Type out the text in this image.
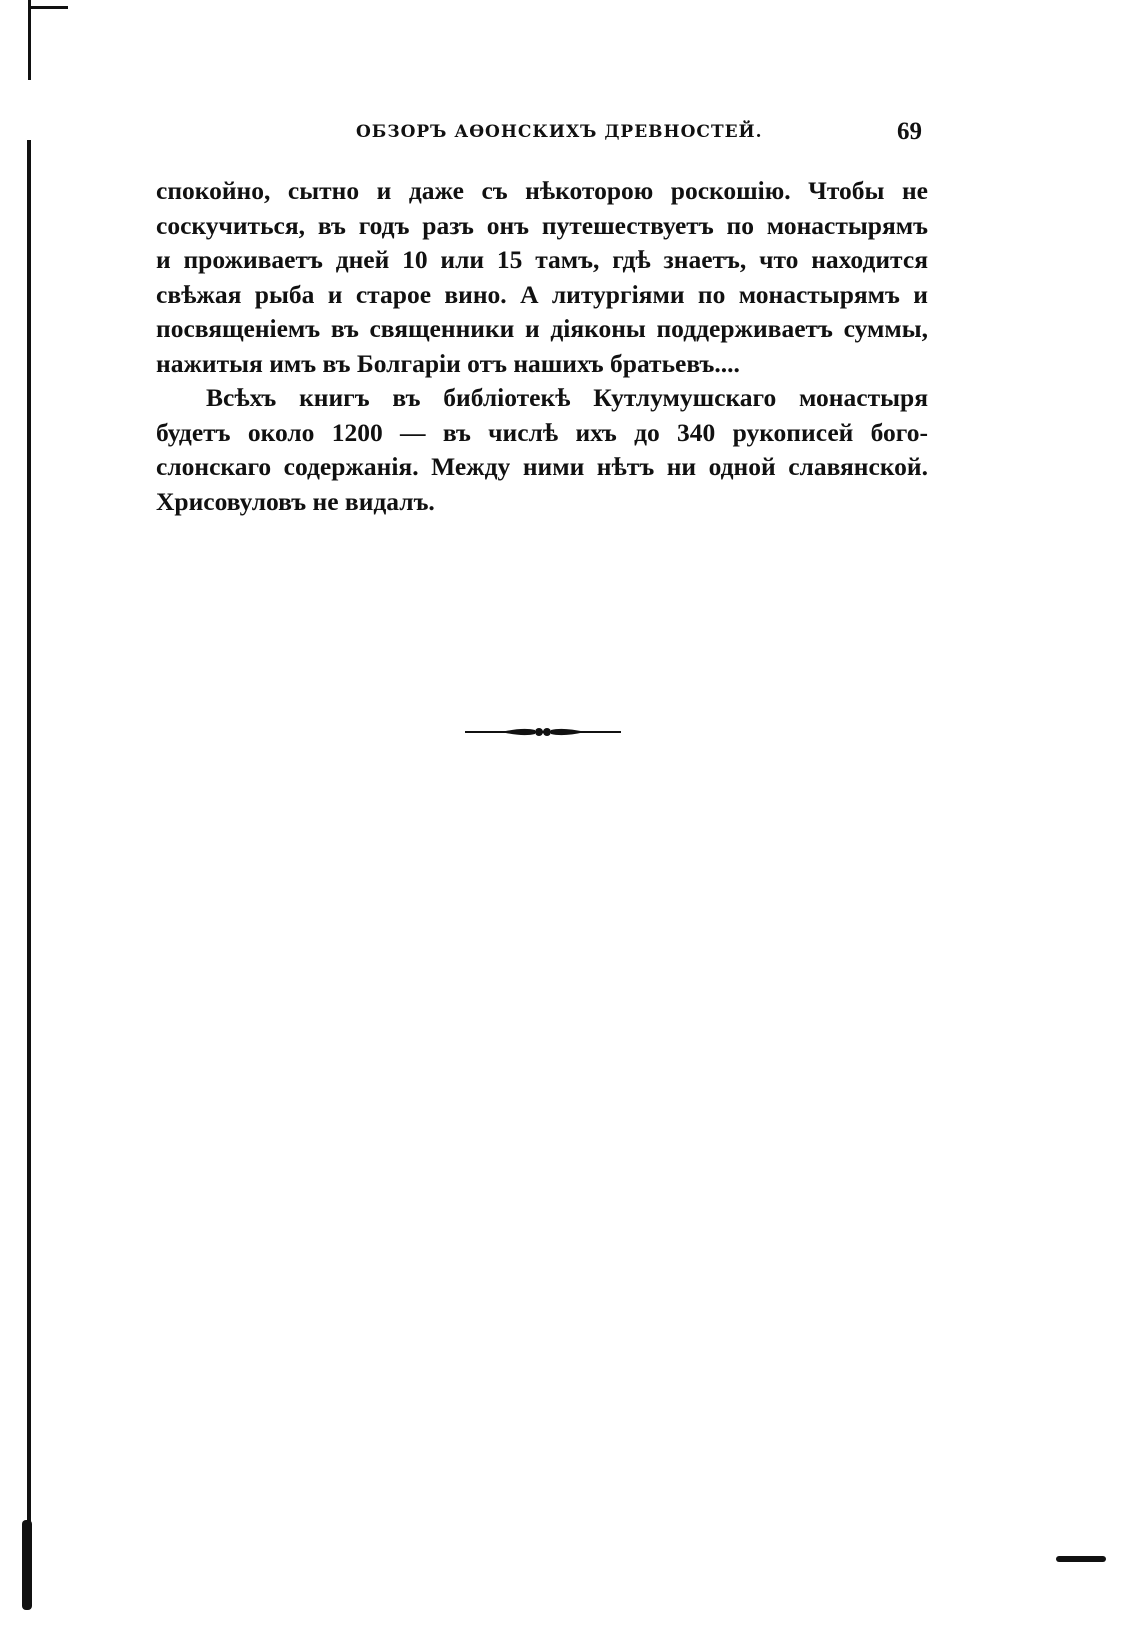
ОБЗОРЪ АѲОНСКИХЪ ДРЕВНОСТЕЙ.	69
спокойно, сытно и даже съ нѣкоторою роскошію. Чтобы не
соскучиться, въ годъ разъ онъ путешествуетъ по монастырямъ
и проживаетъ дней 10 или 15 тамъ, гдѣ знаетъ, что находится
свѣжая рыба и старое вино. А литургіями по монастырямъ и
посвященіемъ въ священники и діяконы поддерживаетъ суммы,
нажитыя имъ въ Болгаріи отъ нашихъ братьевъ....
Всѣхъ книгъ въ библіотекѣ Кутлумушскаго монастыря
будетъ около 1200 — въ числѣ ихъ до 340 рукописей бого-
слонскаго содержанія. Между ними нѣтъ ни одной славянской.
Хрисовуловъ не видалъ.
